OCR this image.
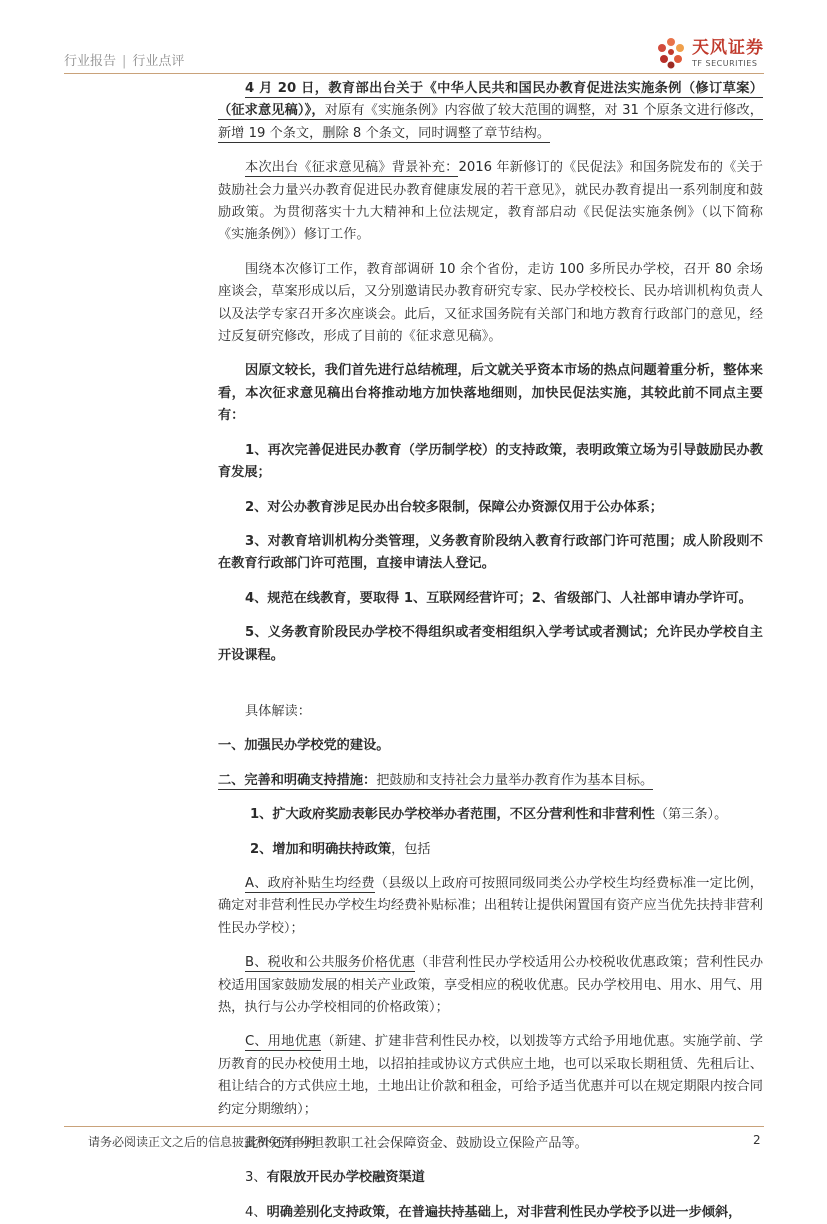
行业报告 | 行业点评
天风证券
TF SECURITIES

4 月 20 日，教育部出台关于《中华人民共和国民办教育促进法实施条例（修订草案）（征求意见稿）》，对原有《实施条例》内容做了较大范围的调整，对 31 个原条文进行修改，新增 19 个条文，删除 8 个条文，同时调整了章节结构。

本次出台《征求意见稿》背景补充：2016 年新修订的《民促法》和国务院发布的《关于鼓励社会力量兴办教育促进民办教育健康发展的若干意见》，就民办教育提出一系列制度和鼓励政策。为贯彻落实十九大精神和上位法规定，教育部启动《民促法实施条例》（以下简称《实施条例》）修订工作。

围绕本次修订工作，教育部调研 10 余个省份，走访 100 多所民办学校，召开 80 余场座谈会，草案形成以后，又分别邀请民办教育研究专家、民办学校校长、民办培训机构负责人以及法学专家召开多次座谈会。此后，又征求国务院有关部门和地方教育行政部门的意见，经过反复研究修改，形成了目前的《征求意见稿》。

因原文较长，我们首先进行总结梳理，后文就关乎资本市场的热点问题着重分析，整体来看，本次征求意见稿出台将推动地方加快落地细则，加快民促法实施，其较此前不同点主要有：

1、再次完善促进民办教育（学历制学校）的支持政策，表明政策立场为引导鼓励民办教育发展；

2、对公办教育涉足民办出台较多限制，保障公办资源仅用于公办体系；

3、对教育培训机构分类管理，义务教育阶段纳入教育行政部门许可范围；成人阶段则不在教育行政部门许可范围，直接申请法人登记。

4、规范在线教育，要取得 1、互联网经营许可；2、省级部门、人社部申请办学许可。

5、义务教育阶段民办学校不得组织或者变相组织入学考试或者测试；允许民办学校自主开设课程。

具体解读：

一、加强民办学校党的建设。

二、完善和明确支持措施：把鼓励和支持社会力量举办教育作为基本目标。

1、扩大政府奖励表彰民办学校举办者范围，不区分营利性和非营利性（第三条）。

2、增加和明确扶持政策，包括

A、政府补贴生均经费（县级以上政府可按照同级同类公办学校生均经费标准一定比例，确定对非营利性民办学校生均经费补贴标准；出租转让提供闲置国有资产应当优先扶持非营利性民办学校）；

B、税收和公共服务价格优惠（非营利性民办学校适用公办校税收优惠政策；营利性民办校适用国家鼓励发展的相关产业政策，享受相应的税收优惠。民办学校用电、用水、用气、用热，执行与公办学校相同的价格政策）；

C、用地优惠（新建、扩建非营利性民办校，以划拨等方式给予用地优惠。实施学前、学历教育的民办校使用土地，以招拍挂或协议方式供应土地，也可以采取长期租赁、先租后让、租让结合的方式供应土地，土地出让价款和租金，可给予适当优惠并可以在规定期限内按合同约定分期缴纳）；

此外还有分担教职工社会保障资金、鼓励设立保险产品等。

3、有限放开民办学校融资渠道

4、明确差别化支持政策，在普遍扶持基础上，对非营利性民办学校予以进一步倾斜，

请务必阅读正文之后的信息披露和免责申明	2
